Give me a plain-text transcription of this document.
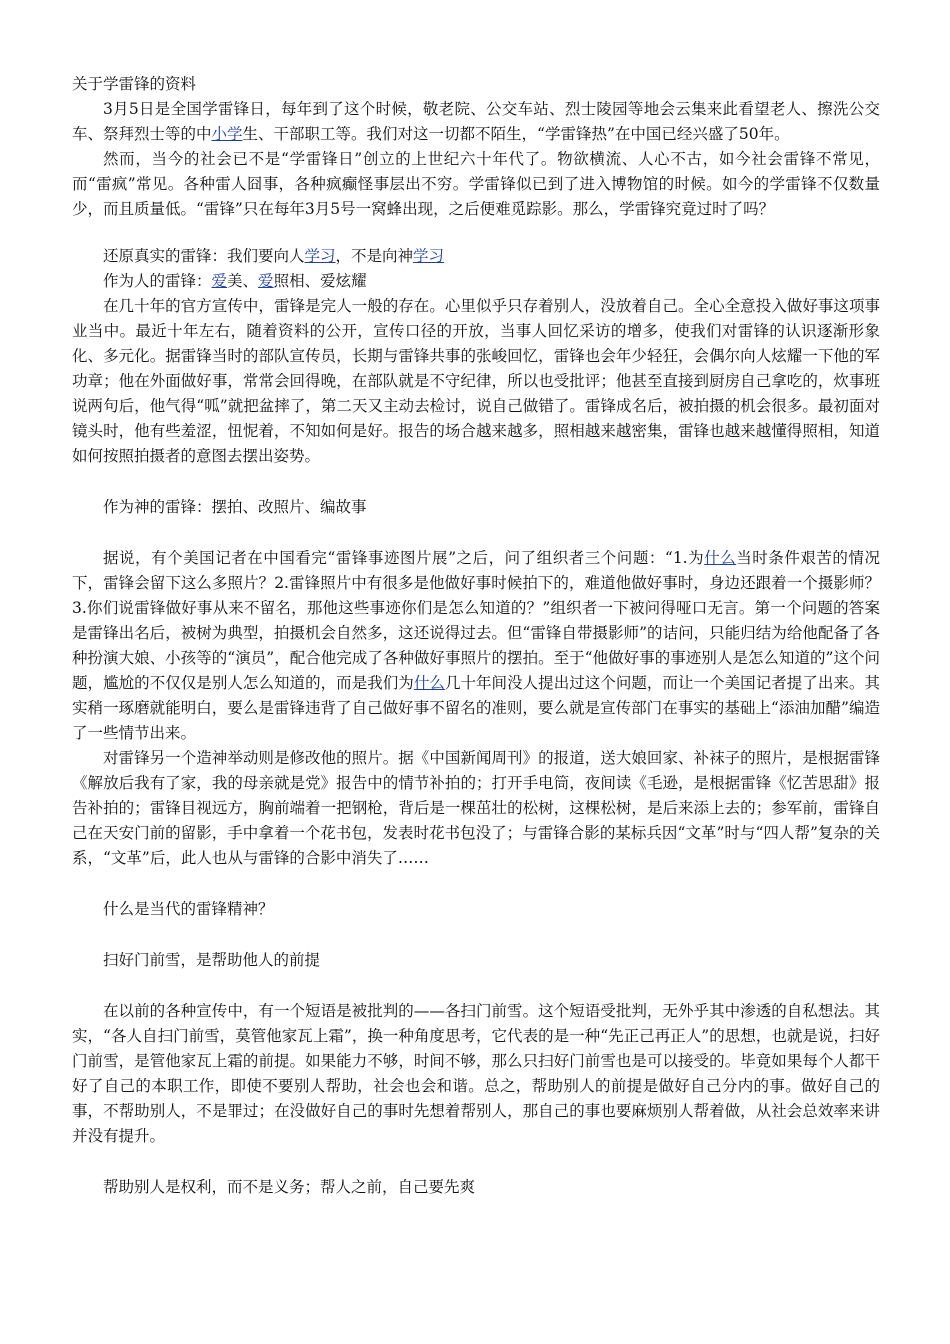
关于学雷锋的资料

3月5日是全国学雷锋日，每年到了这个时候，敬老院、公交车站、烈士陵园等地会云集来此看望老人、擦洗公交车、祭拜烈士等的中小学生、干部职工等。我们对这一切都不陌生，“学雷锋热”在中国已经兴盛了50年。

然而，当今的社会已不是“学雷锋日”创立的上世纪六十年代了。物欲横流、人心不古，如今社会雷锋不常见，而“雷疯”常见。各种雷人囧事，各种疯癫怪事层出不穷。学雷锋似已到了进入博物馆的时候。如今的学雷锋不仅数量少，而且质量低。“雷锋”只在每年3月5号一窝蜂出现，之后便难觅踪影。那么，学雷锋究竟过时了吗？

还原真实的雷锋：我们要向人学习，不是向神学习
作为人的雷锋：爱美、爱照相、爱炫耀

在几十年的官方宣传中，雷锋是完人一般的存在。心里似乎只存着别人，没放着自己。全心全意投入做好事这项事业当中。最近十年左右，随着资料的公开，宣传口径的开放，当事人回忆采访的增多，使我们对雷锋的认识逐渐形象化、多元化。据雷锋当时的部队宣传员，长期与雷锋共事的张峻回忆，雷锋也会年少轻狂，会偶尔向人炫耀一下他的军功章；他在外面做好事，常常会回得晚，在部队就是不守纪律，所以也受批评；他甚至直接到厨房自己拿吃的，炊事班说两句后，他气得“呱”就把盆摔了，第二天又主动去检讨，说自己做错了。雷锋成名后，被拍摄的机会很多。最初面对镜头时，他有些羞涩，忸怩着，不知如何是好。报告的场合越来越多，照相越来越密集，雷锋也越来越懂得照相，知道如何按照拍摄者的意图去摆出姿势。

作为神的雷锋：摆拍、改照片、编故事

据说，有个美国记者在中国看完“雷锋事迹图片展”之后，问了组织者三个问题：“1.为什么当时条件艰苦的情况下，雷锋会留下这么多照片？2.雷锋照片中有很多是他做好事时候拍下的，难道他做好事时，身边还跟着一个摄影师？3.你们说雷锋做好事从来不留名，那他这些事迹你们是怎么知道的？”组织者一下被问得哑口无言。第一个问题的答案是雷锋出名后，被树为典型，拍摄机会自然多，这还说得过去。但“雷锋自带摄影师”的诘问，只能归结为给他配备了各种扮演大娘、小孩等的“演员”，配合他完成了各种做好事照片的摆拍。至于“他做好事的事迹别人是怎么知道的”这个问题，尴尬的不仅仅是别人怎么知道的，而是我们为什么几十年间没人提出过这个问题，而让一个美国记者提了出来。其实稍一琢磨就能明白，要么是雷锋违背了自己做好事不留名的准则，要么就是宣传部门在事实的基础上“添油加醋”编造了一些情节出来。

对雷锋另一个造神举动则是修改他的照片。据《中国新闻周刊》的报道，送大娘回家、补袜子的照片，是根据雷锋《解放后我有了家，我的母亲就是党》报告中的情节补拍的；打开手电筒，夜间读《毛逊，是根据雷锋《忆苦思甜》报告补拍的；雷锋目视远方，胸前端着一把钢枪，背后是一棵茁壮的松树，这棵松树，是后来添上去的；参军前，雷锋自己在天安门前的留影，手中拿着一个花书包，发表时花书包没了；与雷锋合影的某标兵因“文革”时与“四人帮”复杂的关系，“文革”后，此人也从与雷锋的合影中消失了……

什么是当代的雷锋精神？
扫好门前雪，是帮助他人的前提

在以前的各种宣传中，有一个短语是被批判的——各扫门前雪。这个短语受批判，无外乎其中渗透的自私想法。其实，“各人自扫门前雪，莫管他家瓦上霜”，换一种角度思考，它代表的是一种“先正己再正人”的思想，也就是说，扫好门前雪，是管他家瓦上霜的前提。如果能力不够，时间不够，那么只扫好门前雪也是可以接受的。毕竟如果每个人都干好了自己的本职工作，即使不要别人帮助，社会也会和谐。总之，帮助别人的前提是做好自己分内的事。做好自己的事，不帮助别人，不是罪过；在没做好自己的事时先想着帮别人，那自己的事也要麻烦别人帮着做，从社会总效率来讲并没有提升。

帮助别人是权利，而不是义务；帮人之前，自己要先爽
